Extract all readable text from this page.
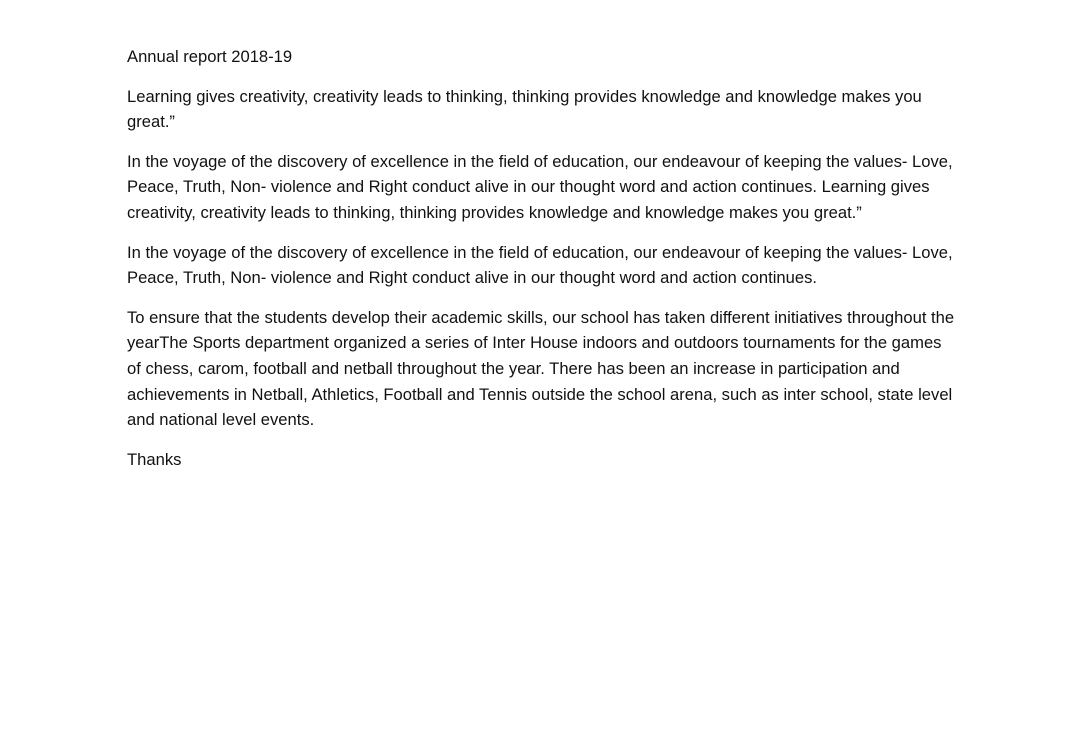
Annual report 2018-19

Learning gives creativity, creativity leads to thinking, thinking provides knowledge and knowledge makes you great.”

In the voyage of the discovery of excellence in the field of education, our endeavour of keeping the values- Love, Peace, Truth, Non- violence and Right conduct alive in our thought word and action continues. Learning gives creativity, creativity leads to thinking, thinking provides knowledge and knowledge makes you great.”

In the voyage of the discovery of excellence in the field of education, our endeavour of keeping the values- Love, Peace, Truth, Non- violence and Right conduct alive in our thought word and action continues.

To ensure that the students develop their academic skills, our school has taken different initiatives throughout the yearThe Sports department organized a series of Inter House indoors and outdoors tournaments for the games of chess, carom, football and netball throughout the year. There has been an increase in participation and achievements in Netball, Athletics, Football and Tennis outside the school arena, such as inter school, state level and national level events.

Thanks
